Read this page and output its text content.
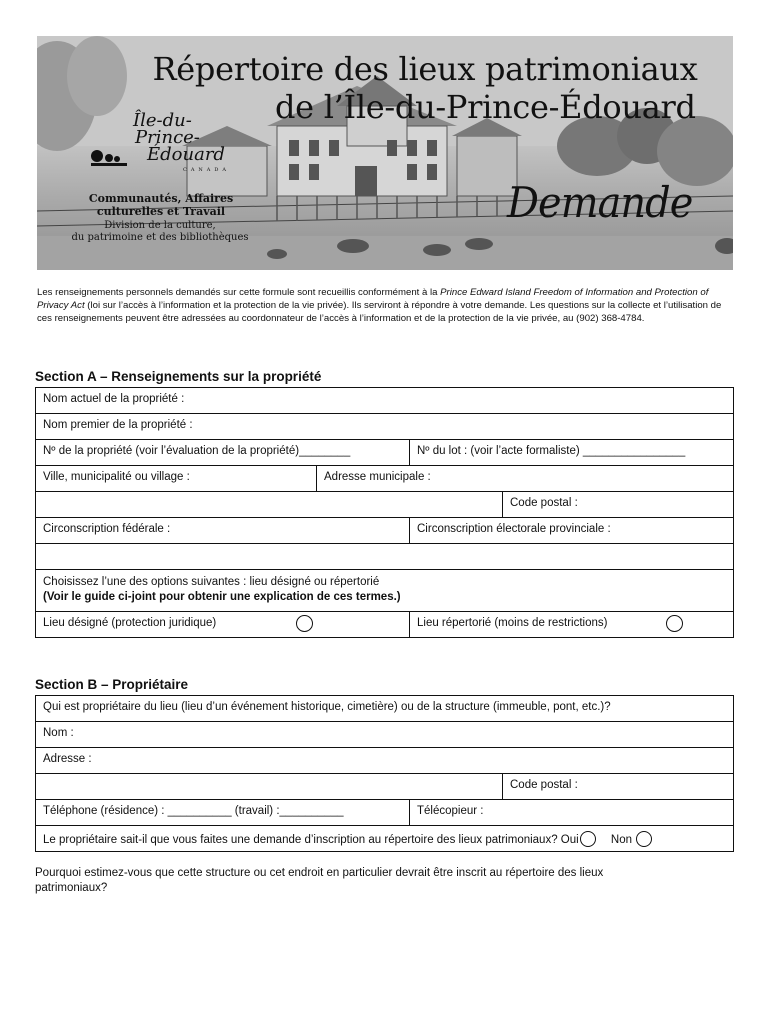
Répertoire des lieux patrimoniaux
de l’Île-du-Prince-Édouard
Île-du-
Prince-
Édouard
CANADA
Communautés, Affaires
culturelles et Travail
Division de la culture,
du patrimoine et des bibliothèques
Demande

Les renseignements personnels demandés sur cette formule sont recueillis conformément à la Prince Edward Island Freedom of Information and Protection of Privacy Act (loi sur l’accès à l’information et la protection de la vie privée). Ils serviront à répondre à votre demande. Les questions sur la collecte et l’utilisation de ces renseignements peuvent être adressées au coordonnateur de l’accès à l’information et de la protection de la vie privée, au (902) 368-4784.

Section A – Renseignements sur la propriété
Nom actuel de la propriété :
Nom premier de la propriété :
Nº de la propriété (voir l’évaluation de la propriété)________	Nº du lot : (voir l’acte formaliste) ________________
Ville, municipalité ou village :	Adresse municipale :
Code postal :
Circonscription fédérale :	Circonscription électorale provinciale :
Choisissez l’une des options suivantes : lieu désigné ou répertorié
(Voir le guide ci-joint pour obtenir une explication de ces termes.)
Lieu désigné (protection juridique)	Lieu répertorié (moins de restrictions)
Section B – Propriétaire
Qui est propriétaire du lieu (lieu d’un événement historique, cimetière) ou de la structure (immeuble, pont, etc.)?
Nom :
Adresse :
Code postal :
Téléphone (résidence) : __________ (travail) :__________	Télécopieur :
Le propriétaire sait-il que vous faites une demande d’inscription au répertoire des lieux patrimoniaux? Oui	Non

Pourquoi estimez-vous que cette structure ou cet endroit en particulier devrait être inscrit au répertoire des lieux patrimoniaux?
